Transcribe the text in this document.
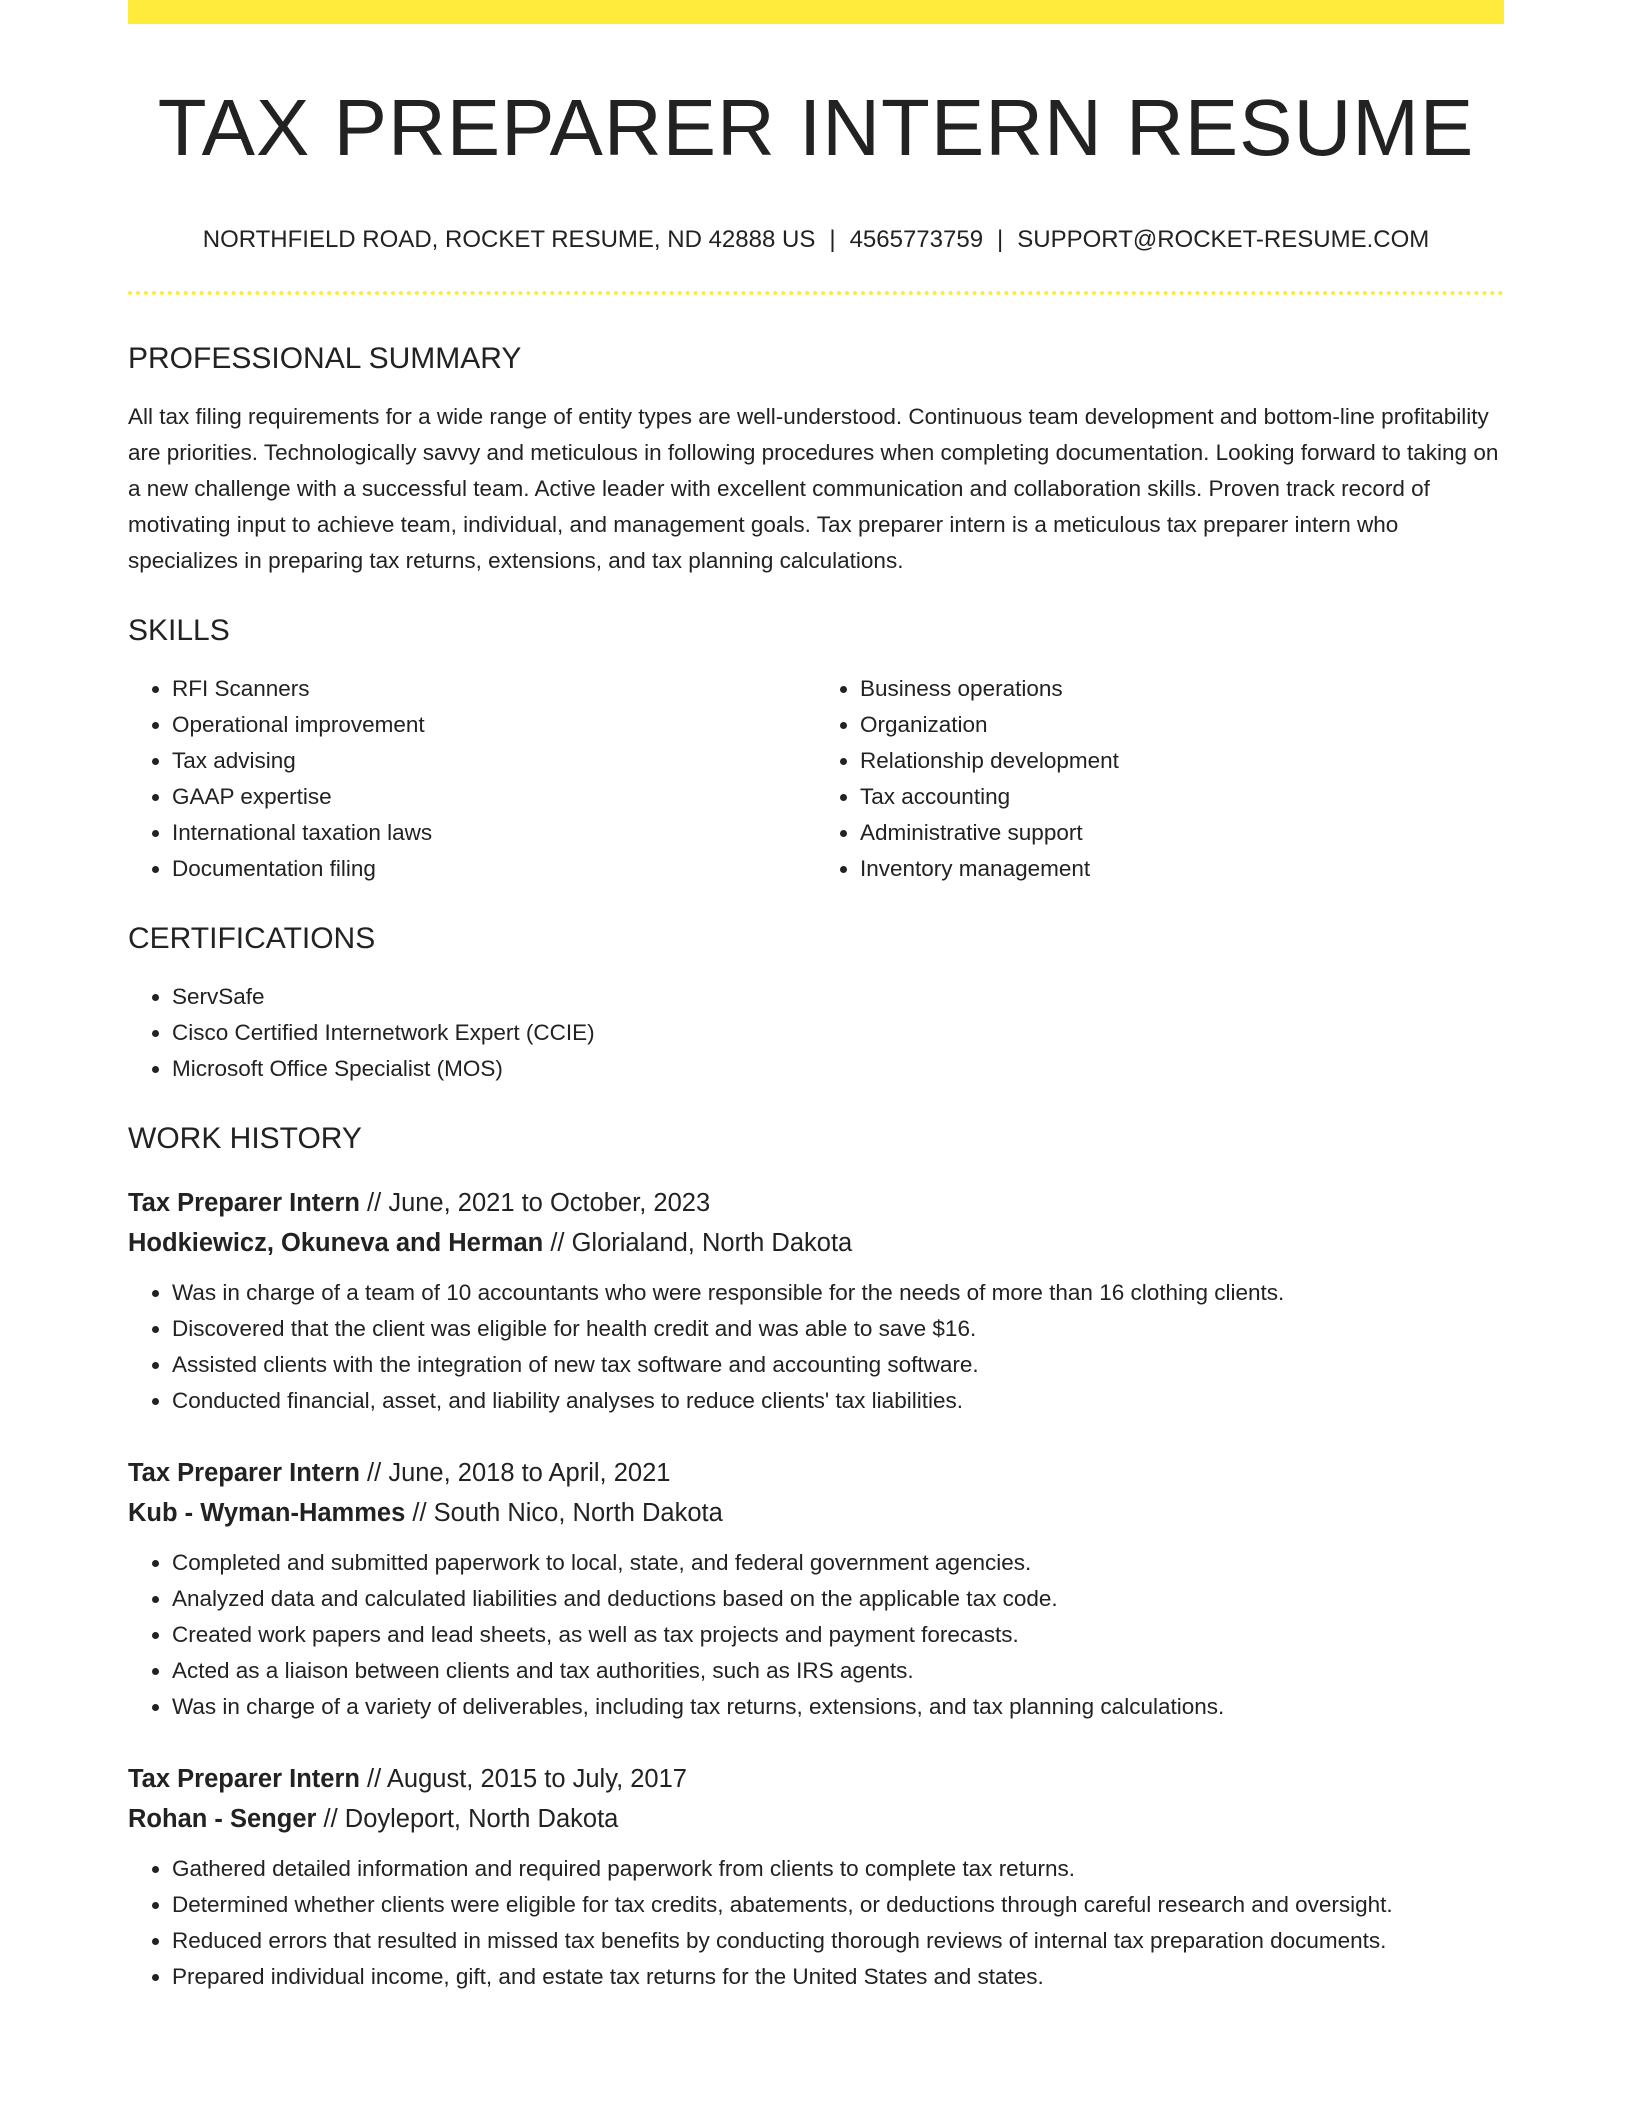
TAX PREPARER INTERN RESUME
NORTHFIELD ROAD, ROCKET RESUME, ND 42888 US | 4565773759 | SUPPORT@ROCKET-RESUME.COM
PROFESSIONAL SUMMARY
All tax filing requirements for a wide range of entity types are well-understood. Continuous team development and bottom-line profitability are priorities. Technologically savvy and meticulous in following procedures when completing documentation. Looking forward to taking on a new challenge with a successful team. Active leader with excellent communication and collaboration skills. Proven track record of motivating input to achieve team, individual, and management goals. Tax preparer intern is a meticulous tax preparer intern who specializes in preparing tax returns, extensions, and tax planning calculations.
SKILLS
• RFI Scanners
• Operational improvement
• Tax advising
• GAAP expertise
• International taxation laws
• Documentation filing
• Business operations
• Organization
• Relationship development
• Tax accounting
• Administrative support
• Inventory management
CERTIFICATIONS
• ServSafe
• Cisco Certified Internetwork Expert (CCIE)
• Microsoft Office Specialist (MOS)
WORK HISTORY
Tax Preparer Intern // June, 2021 to October, 2023
Hodkiewicz, Okuneva and Herman // Glorialand, North Dakota
• Was in charge of a team of 10 accountants who were responsible for the needs of more than 16 clothing clients.
• Discovered that the client was eligible for health credit and was able to save $16.
• Assisted clients with the integration of new tax software and accounting software.
• Conducted financial, asset, and liability analyses to reduce clients' tax liabilities.
Tax Preparer Intern // June, 2018 to April, 2021
Kub - Wyman-Hammes // South Nico, North Dakota
• Completed and submitted paperwork to local, state, and federal government agencies.
• Analyzed data and calculated liabilities and deductions based on the applicable tax code.
• Created work papers and lead sheets, as well as tax projects and payment forecasts.
• Acted as a liaison between clients and tax authorities, such as IRS agents.
• Was in charge of a variety of deliverables, including tax returns, extensions, and tax planning calculations.
Tax Preparer Intern // August, 2015 to July, 2017
Rohan - Senger // Doyleport, North Dakota
• Gathered detailed information and required paperwork from clients to complete tax returns.
• Determined whether clients were eligible for tax credits, abatements, or deductions through careful research and oversight.
• Reduced errors that resulted in missed tax benefits by conducting thorough reviews of internal tax preparation documents.
• Prepared individual income, gift, and estate tax returns for the United States and states.
